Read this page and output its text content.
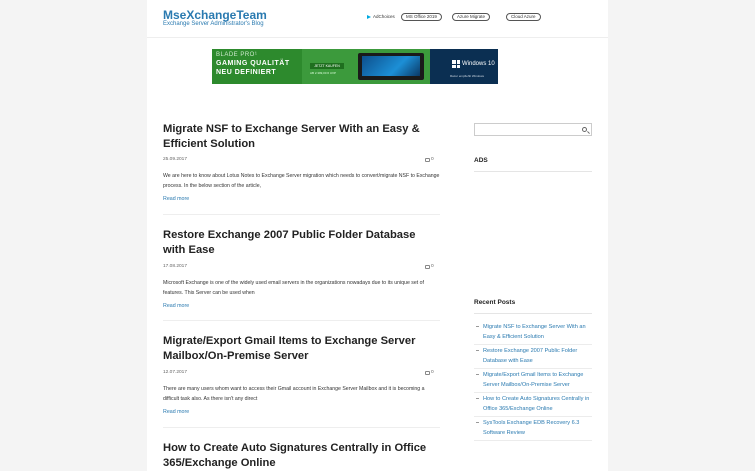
MseXchangeTeam
Exchange Server Administrator's Blog
AdChoices	MS Office 2019	Azure Migrate	Cloud Azure
BLADE PRO¹
GAMING QUALITÄT
NEU DEFINIERT
JETZT KAUFEN
AB 2.399,00 € UVP
Windows 10
Razer empfiehlt Windows
Migrate NSF to Exchange Server With an Easy & Efficient Solution
25.09.2017	0
We are here to know about Lotus Notes to Exchange Server migration which needs to convert/migrate NSF to Exchange process. In the below section of the article,
Read more
Restore Exchange 2007 Public Folder Database with Ease
17.08.2017	0
Microsoft Exchange is one of the widely used email servers in the organizations nowadays due to its unique set of features. This Server can be used when
Read more
Migrate/Export Gmail Items to Exchange Server Mailbox/On-Premise Server
12.07.2017	0
There are many users whom want to access their Gmail account in Exchange Server Mailbox and it is becoming a difficult task also. As there isn't any direct
Read more
How to Create Auto Signatures Centrally in Office 365/Exchange Online
ADS
Recent Posts
Migrate NSF to Exchange Server With an Easy & Efficient Solution
Restore Exchange 2007 Public Folder Database with Ease
Migrate/Export Gmail Items to Exchange Server Mailbox/On-Premise Server
How to Create Auto Signatures Centrally in Office 365/Exchange Online
SysTools Exchange EDB Recovery 6.3 Software Review
